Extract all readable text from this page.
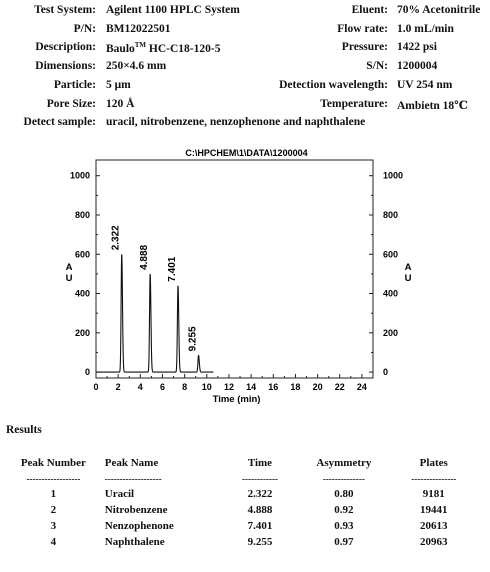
Test System: Agilent 1100 HPLC System
P/N: BM12022501
Description: Baulo™ HC-C18-120-5
Dimensions: 250×4.6 mm
Particle: 5 μm
Pore Size: 120 Å
Detect sample: uracil, nitrobenzene, nenzophenone and naphthalene
Eluent: 70% Acetonitrile
Flow rate: 1.0 mL/min
Pressure: 1422 psi
S/N: 1200004
Detection wavelength: UV 254 nm
Temperature: Ambietn 18℃
C:\HPCHEM\1\DATA\1200004
0	0
200	200
400	400
600	600
800	800
1000	1000
0 2 4 6 8 10 12 14 16 18 20 22 24
Time (min)
A
U
A
U
2.322
4.888 7.401
9.255
Results
Peak Number	Peak Name	Time	Asymmetry	Plates
------------------	-------------------	------------	--------------	---------------
1	Uracil	2.322	0.80	9181
2	Nitrobenzene	4.888	0.92	19441
3	Nenzophenone	7.401	0.93	20613
4	Naphthalene	9.255	0.97	20963
